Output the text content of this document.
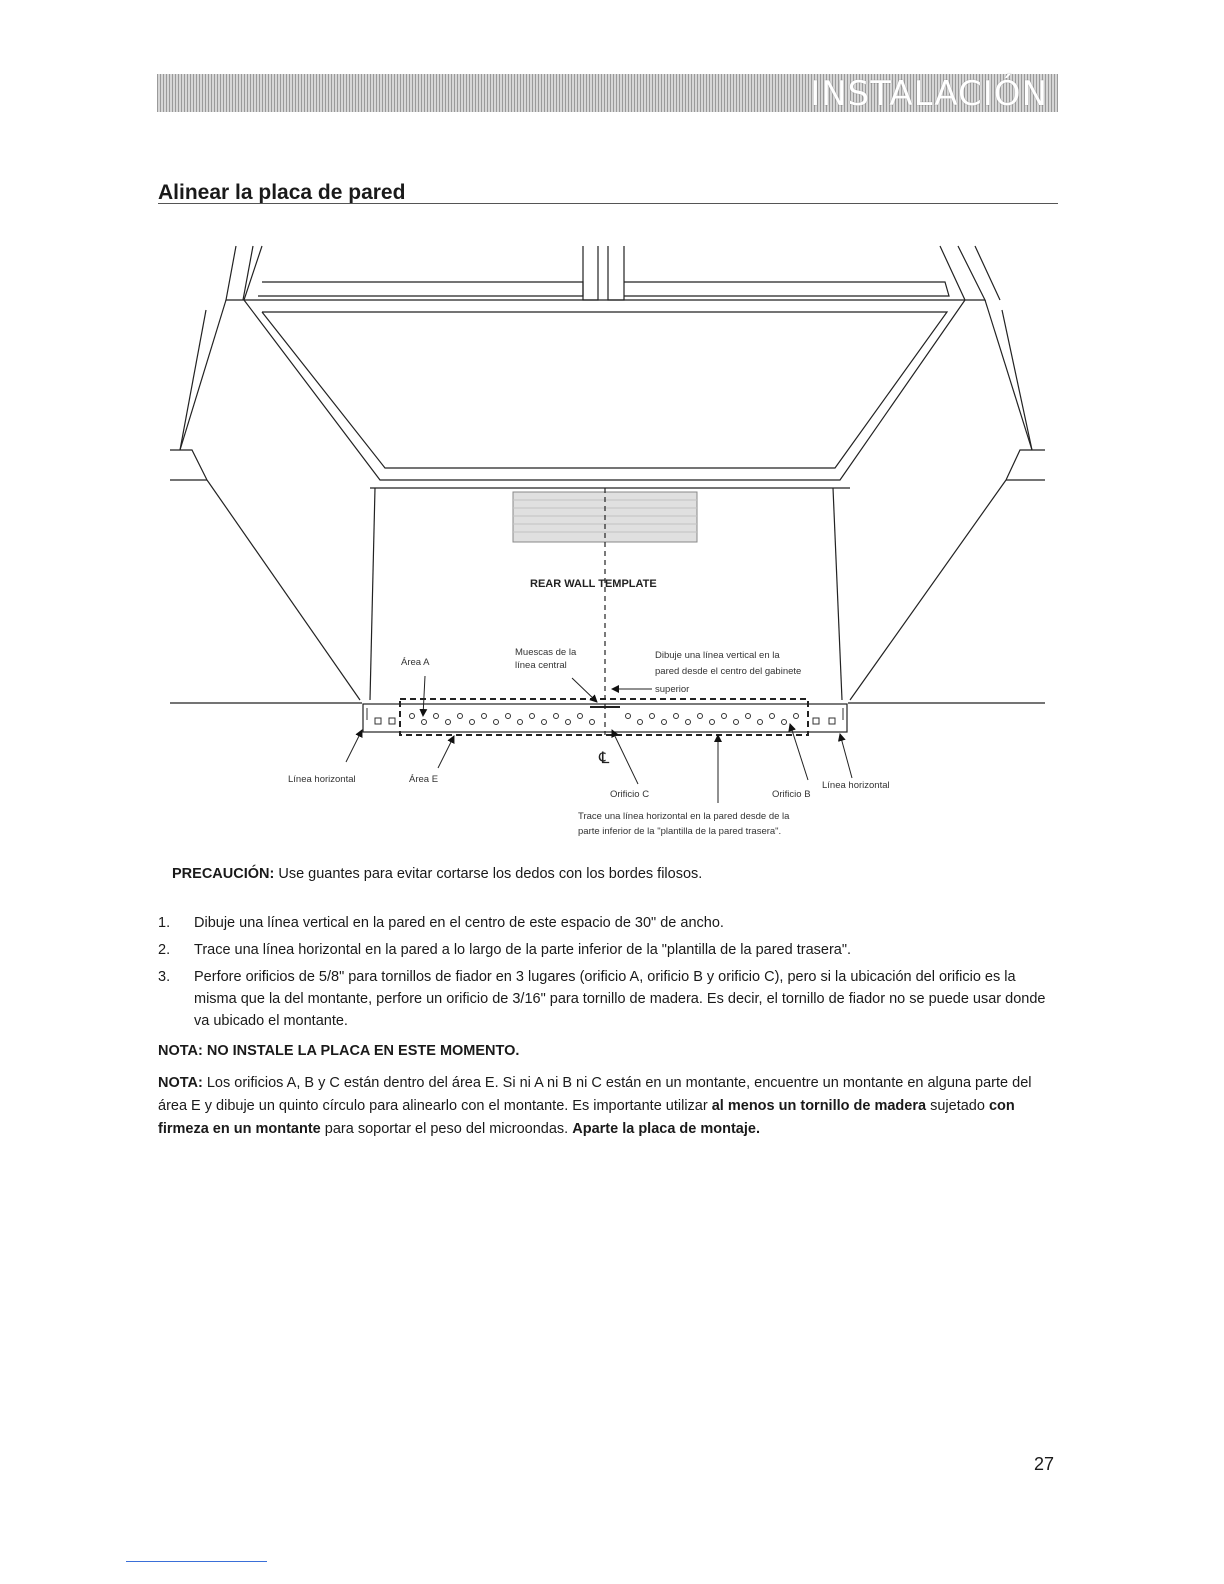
INSTALACIÓN
Alinear la placa de pared
REAR WALL TEMPLATE
Área A
Muescas de la
línea central
Dibuje una línea vertical en la
pared desde el centro del gabinete
superior
Línea horizontal	Área E
℄
Orificio C	Orificio B
Línea horizontal
Trace una línea horizontal en la pared desde de la
parte inferior de la "plantilla de la pared trasera".
PRECAUCIÓN: Use guantes para evitar cortarse los dedos con los bordes filosos.
1. Dibuje una línea vertical en la pared en el centro de este espacio de 30" de ancho.
2. Trace una línea horizontal en la pared a lo largo de la parte inferior de la "plantilla de la pared trasera".
3. Perfore orificios de 5/8" para tornillos de fiador en 3 lugares (orificio A, orificio B y orificio C), pero si la ubicación del orificio es la misma que la del montante, perfore un orificio de 3/16" para tornillo de madera. Es decir, el tornillo de fiador no se puede usar donde va ubicado el montante.
NOTA: NO INSTALE LA PLACA EN ESTE MOMENTO.
NOTA: Los orificios A, B y C están dentro del área E. Si ni A ni B ni C están en un montante, encuentre un montante en alguna parte del área E y dibuje un quinto círculo para alinearlo con el montante. Es importante utilizar al menos un tornillo de madera sujetado con firmeza en un montante para soportar el peso del microondas. Aparte la placa de montaje.
27
